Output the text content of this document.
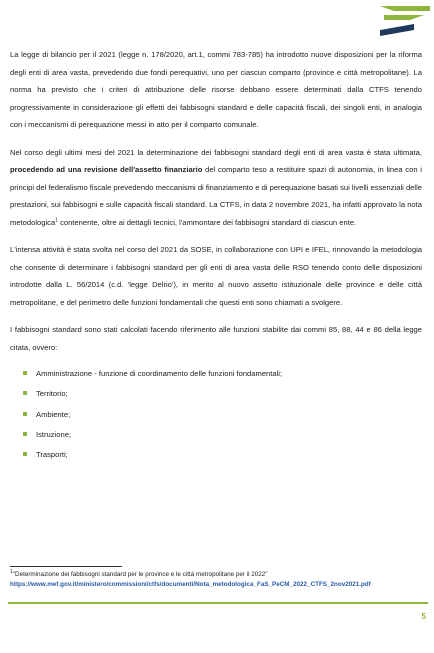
La legge di bilancio per il 2021 (legge n. 178/2020, art.1, commi 783-785) ha introdotto nuove disposizioni per la riforma degli enti di area vasta, prevedendo due fondi perequativi, uno per ciascun comparto (province e città metropolitane). La norma ha previsto che i criteri di attribuzione delle risorse debbano essere determinati dalla CTFS tenendo progressivamente in considerazione gli effetti dei fabbisogni standard e delle capacità fiscali, dei singoli enti, in analogia con i meccanismi di perequazione messi in atto per il comparto comunale.

Nel corso degli ultimi mesi del 2021 la determinazione dei fabbisogni standard degli enti di area vasta è stata ultimata, procedendo ad una revisione dell'assetto finanziario del comparto teso a restituire spazi di autonomia, in linea con i principi del federalismo fiscale prevedendo meccanismi di finanziamento e di perequazione basati sui livelli essenziali delle prestazioni, sui fabbisogni e sulle capacità fiscali standard. La CTFS, in data 2 novembre 2021, ha infatti approvato la nota metodologica$^1$ contenente, oltre ai dettagli tecnici, l'ammontare dei fabbisogni standard di ciascun ente.

L'intensa attività è stata svolta nel corso del 2021 da SOSE, in collaborazione con UPI e IFEL, rinnovando la metodologia che consente di determinare i fabbisogni standard per gli enti di area vasta delle RSO tenendo conto delle disposizioni introdotte dalla L. 56/2014 (c.d. 'legge Delrio'), in merito al nuovo assetto istituzionale delle province e delle città metropolitane, e del perimetro delle funzioni fondamentali che questi enti sono chiamati a svolgere.

I fabbisogni standard sono stati calcolati facendo riferimento alle funzioni stabilite dai commi 85, 88, 44 e 86 della legge citata, ovvero:

Amministrazione - funzione di coordinamento delle funzioni fondamentali;
Territorio;
Ambiente;
Istruzione;
Trasporti;
$^1$"Determinazione dei fabbisogni standard per le province e le città metropolitane per il 2022"
https://www.mef.gov.it/ministero/commissioni/ctfs/documenti/Nota_metodologica_FaS_PeCM_2022_CTFS_2nov2021.pdf
5
